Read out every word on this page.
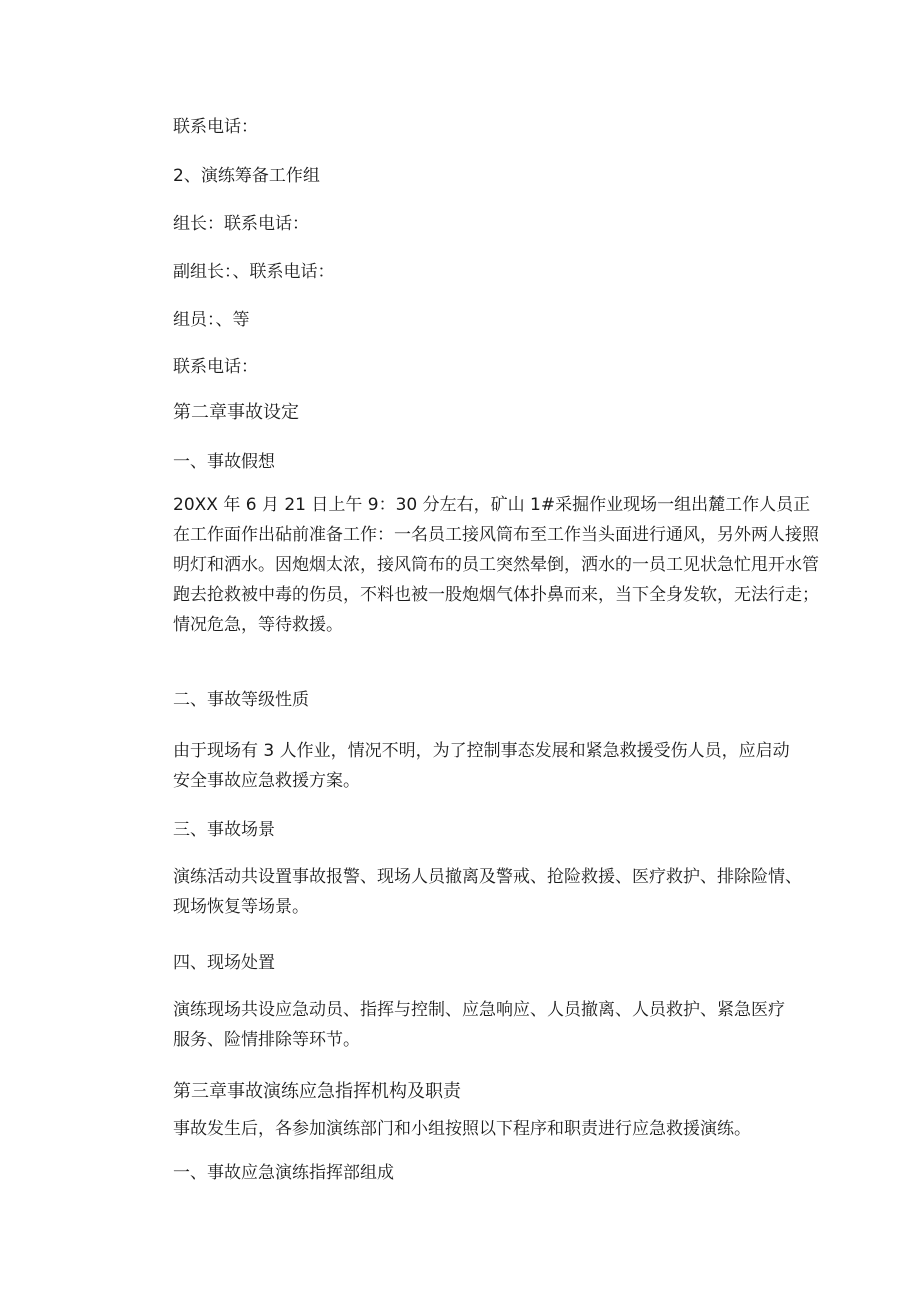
联系电话：

2、演练筹备工作组

组长：联系电话：

副组长：、联系电话：

组员：、等

联系电话：

第二章事故设定

一、事故假想

20XX 年 6 月 21 日上午 9：30 分左右，矿山 1#采掘作业现场一组出麓工作人员正
在工作面作出砧前准备工作：一名员工接风筒布至工作当头面进行通风，另外两人接照
明灯和洒水。因炮烟太浓，接风筒布的员工突然晕倒，洒水的一员工见状急忙甩开水管
跑去抢救被中毒的伤员，不料也被一股炮烟气体扑鼻而来，当下全身发软，无法行走；
情况危急，等待救援。

二、事故等级性质

由于现场有 3 人作业，情况不明，为了控制事态发展和紧急救援受伤人员，应启动
安全事故应急救援方案。

三、事故场景

演练活动共设置事故报警、现场人员撤离及警戒、抢险救援、医疗救护、排除险情、
现场恢复等场景。

四、现场处置

演练现场共设应急动员、指挥与控制、应急响应、人员撤离、人员救护、紧急医疗
服务、险情排除等环节。

第三章事故演练应急指挥机构及职责

事故发生后，各参加演练部门和小组按照以下程序和职责进行应急救援演练。

一、事故应急演练指挥部组成
